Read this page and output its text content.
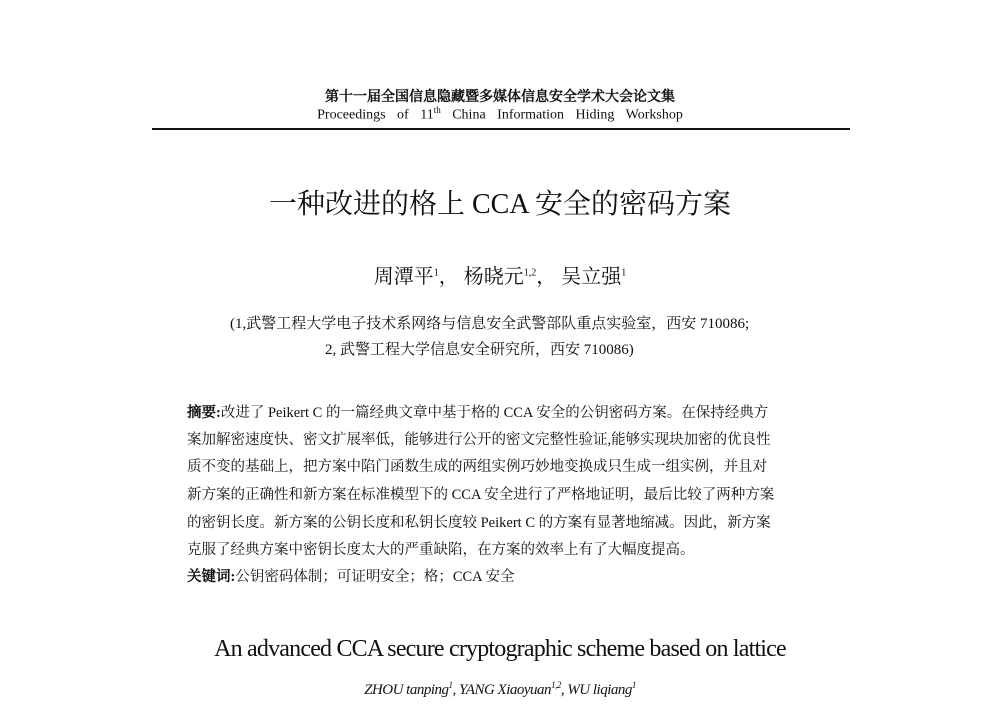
第十一届全国信息隐藏暨多媒体信息安全学术大会论文集
Proceedings of 11th China Information Hiding Workshop
一种改进的格上 CCA 安全的密码方案
周潭平$^1$， 杨晓元$^{1,2}$， 吴立强$^1$
(1,武警工程大学电子技术系网络与信息安全武警部队重点实验室，西安 710086;
2, 武警工程大学信息安全研究所，西安 710086)
摘要:改进了 Peikert C 的一篇经典文章中基于格的 CCA 安全的公钥密码方案。在保持经典方
案加解密速度快、密文扩展率低，能够进行公开的密文完整性验证,能够实现块加密的优良性
质不变的基础上，把方案中陷门函数生成的两组实例巧妙地变换成只生成一组实例，并且对
新方案的正确性和新方案在标准模型下的 CCA 安全进行了严格地证明，最后比较了两种方案
的密钥长度。新方案的公钥长度和私钥长度较 Peikert C 的方案有显著地缩减。因此，新方案
克服了经典方案中密钥长度太大的严重缺陷，在方案的效率上有了大幅度提高。
关键词:公钥密码体制；可证明安全；格；CCA 安全
An advanced CCA secure cryptographic scheme based on lattice
ZHOU tanping$^1$, YANG Xiaoyuan$^{1,2}$, WU liqiang$^1$
